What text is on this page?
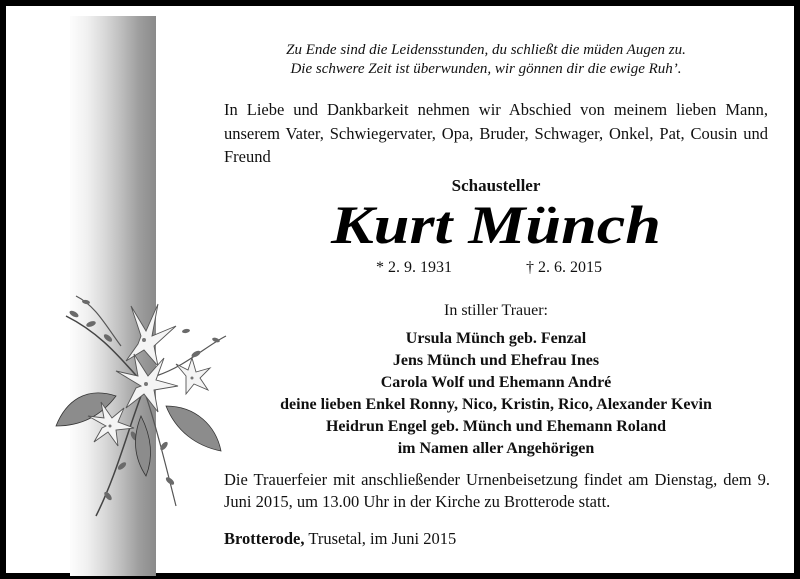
Zu Ende sind die Leidensstunden, du schließt die müden Augen zu.
Die schwere Zeit ist überwunden, wir gönnen dir die ewige Ruh’.
In Liebe und Dankbarkeit nehmen wir Abschied von meinem lieben Mann, unserem Vater, Schwiegervater, Opa, Bruder, Schwager, Onkel, Pat, Cousin und Freund
Schausteller
Kurt Münch
* 2. 9. 1931	† 2. 6. 2015
In stiller Trauer:
Ursula Münch geb. Fenzal
Jens Münch und Ehefrau Ines
Carola Wolf und Ehemann André
deine lieben Enkel Ronny, Nico, Kristin, Rico, Alexander Kevin
Heidrun Engel geb. Münch und Ehemann Roland
im Namen aller Angehörigen
Die Trauerfeier mit anschließender Urnenbeisetzung findet am Dienstag, dem 9. Juni 2015, um 13.00 Uhr in der Kirche zu Brotterode statt.
Brotterode, Trusetal, im Juni 2015
